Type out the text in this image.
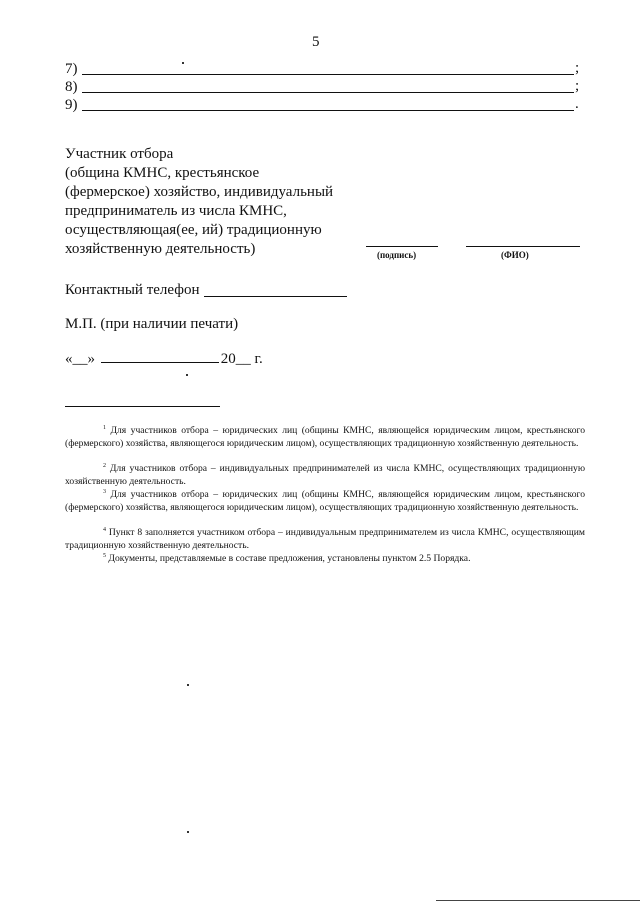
5
7)	;
8)	;
9)	.
Участник отбора
(община КМНС, крестьянское
(фермерское) хозяйство, индивидуальный
предприниматель из числа КМНС,
осуществляющая(ее, ий) традиционную
хозяйственную деятельность)	(подпись)	(ФИО)
Контактный телефон
М.П. (при наличии печати)
«__»	20__ г.
$^1$ Для участников отбора – юридических лиц (общины КМНС, являющейся юридическим лицом, крестьянского (фермерского) хозяйства, являющегося юридическим лицом), осуществляющих традиционную хозяйственную деятельность.
$^2$ Для участников отбора – индивидуальных предпринимателей из числа КМНС, осуществляющих традиционную хозяйственную деятельность.
$^3$ Для участников отбора – юридических лиц (общины КМНС, являющейся юридическим лицом, крестьянского (фермерского) хозяйства, являющегося юридическим лицом), осуществляющих традиционную хозяйственную деятельность.
$^4$ Пункт 8 заполняется участником отбора – индивидуальным предпринимателем из числа КМНС, осуществляющим традиционную хозяйственную деятельность.
$^5$ Документы, представляемые в составе предложения, установлены пунктом 2.5 Порядка.
